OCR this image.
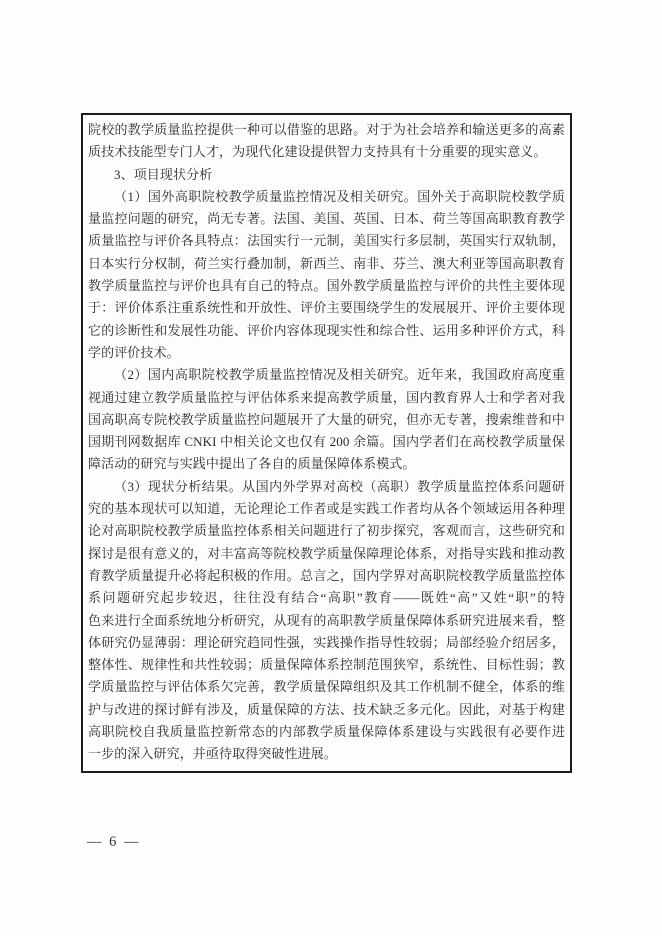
院校的教学质量监控提供一种可以借鉴的思路。对于为社会培养和输送更多的高素
质技术技能型专门人才，为现代化建设提供智力支持具有十分重要的现实意义。
3、项目现状分析
（1）国外高职院校教学质量监控情况及相关研究。国外关于高职院校教学质
量监控问题的研究，尚无专著。法国、美国、英国、日本、荷兰等国高职教育教学
质量监控与评价各具特点：法国实行一元制，美国实行多层制，英国实行双轨制，
日本实行分权制，荷兰实行叠加制，新西兰、南非、芬兰、澳大利亚等国高职教育
教学质量监控与评价也具有自己的特点。国外教学质量监控与评价的共性主要体现
于：评价体系注重系统性和开放性、评价主要围绕学生的发展展开、评价主要体现
它的诊断性和发展性功能、评价内容体现现实性和综合性、运用多种评价方式，科
学的评价技术。
（2）国内高职院校教学质量监控情况及相关研究。近年来，我国政府高度重
视通过建立教学质量监控与评估体系来提高教学质量，国内教育界人士和学者对我
国高职高专院校教学质量监控问题展开了大量的研究，但亦无专著，搜索维普和中
国期刊网数据库 CNKI 中相关论文也仅有 200 余篇。国内学者们在高校教学质量保
障活动的研究与实践中提出了各自的质量保障体系模式。
（3）现状分析结果。从国内外学界对高校（高职）教学质量监控体系问题研
究的基本现状可以知道，无论理论工作者或是实践工作者均从各个领域运用各种理
论对高职院校教学质量监控体系相关问题进行了初步探究，客观而言，这些研究和
探讨是很有意义的，对丰富高等院校教学质量保障理论体系，对指导实践和推动教
育教学质量提升必将起积极的作用。总言之，国内学界对高职院校教学质量监控体
系问题研究起步较迟，往往没有结合“高职”教育——既姓“高”又姓“职”的特
色来进行全面系统地分析研究，从现有的高职教学质量保障体系研究进展来看，整
体研究仍显薄弱：理论研究趋同性强，实践操作指导性较弱；局部经验介绍居多，
整体性、规律性和共性较弱；质量保障体系控制范围狭窄，系统性、目标性弱；教
学质量监控与评估体系欠完善，教学质量保障组织及其工作机制不健全，体系的维
护与改进的探讨鲜有涉及，质量保障的方法、技术缺乏多元化。因此，对基于构建
高职院校自我质量监控新常态的内部教学质量保障体系建设与实践很有必要作进
一步的深入研究，并亟待取得突破性进展。
— 6 —
